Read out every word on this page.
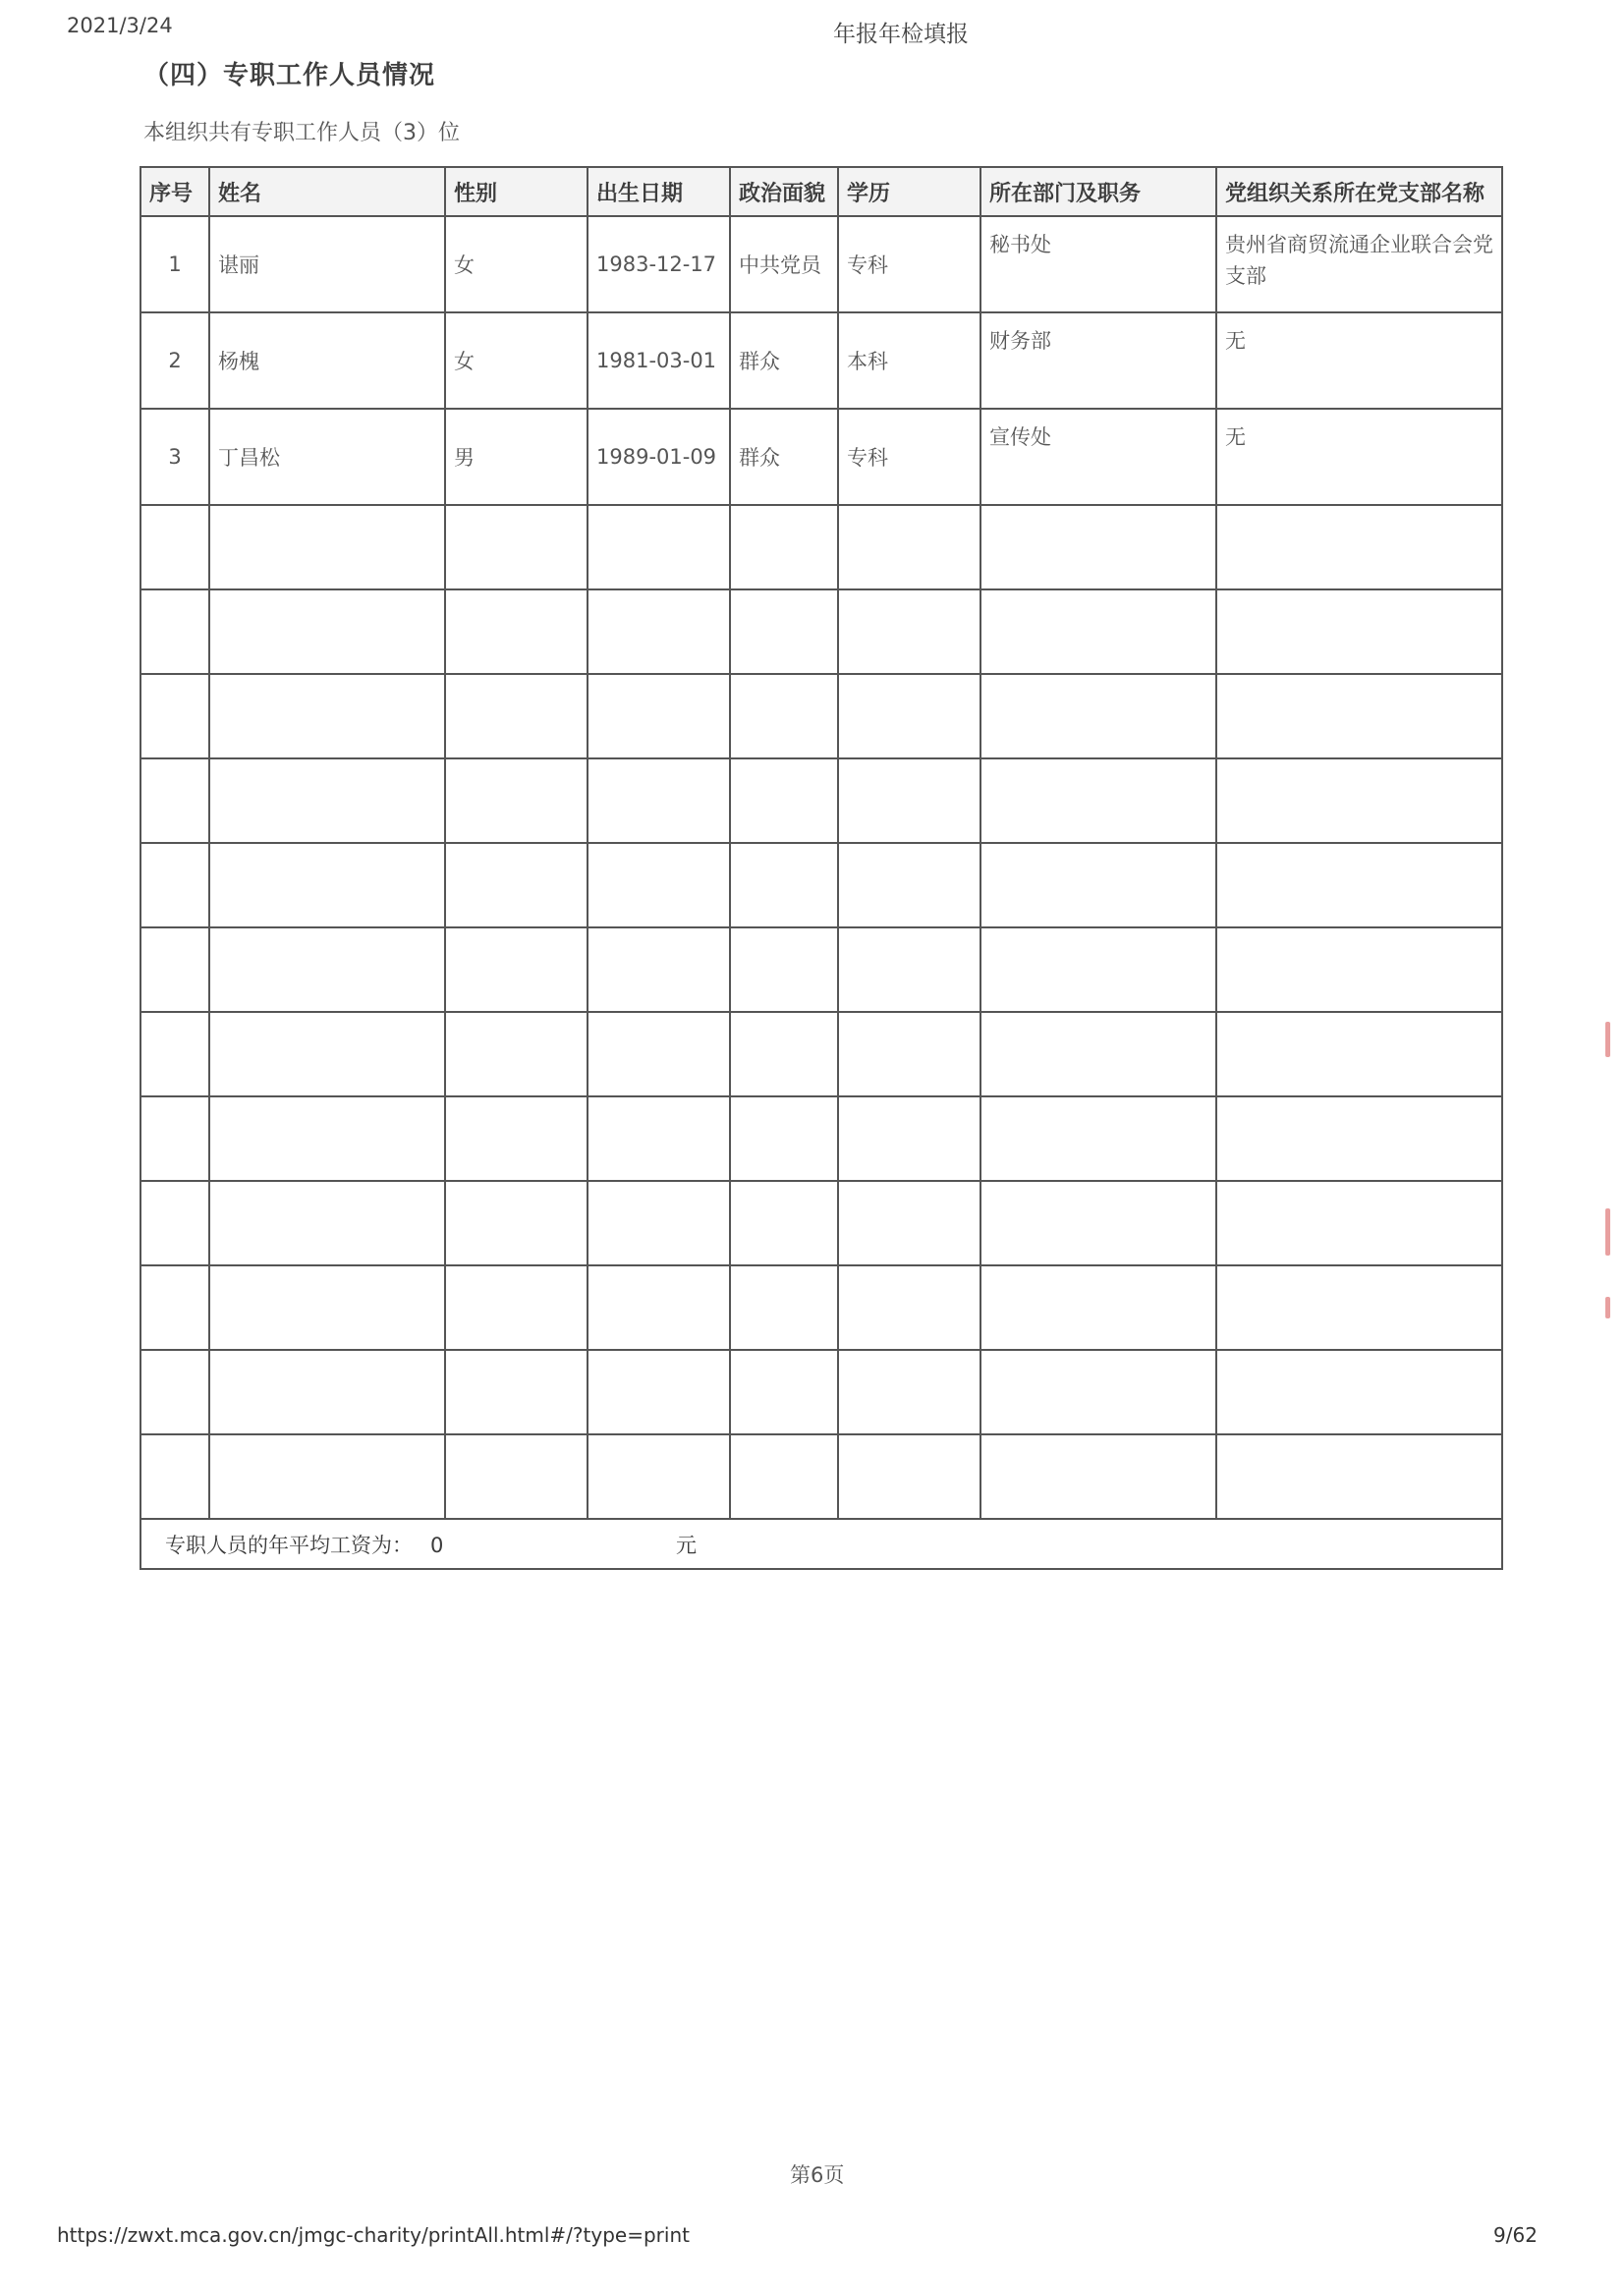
2021/3/24	年报年检填报
（四）专职工作人员情况
本组织共有专职工作人员（3）位
序号	姓名	性别	出生日期	政治面貌	学历	所在部门及职务	党组织关系所在党支部名称
1	谌丽	女	1983-12-17	中共党员	专科	秘书处	贵州省商贸流通企业联合会党支部
2	杨槐	女	1981-03-01	群众	本科	财务部	无
3	丁昌松	男	1989-01-09	群众	专科	宣传处	无

专职人员的年平均工资为： 0 元							
第6页
https://zwxt.mca.gov.cn/jmgc-charity/printAll.html#/?type=print	9/62
